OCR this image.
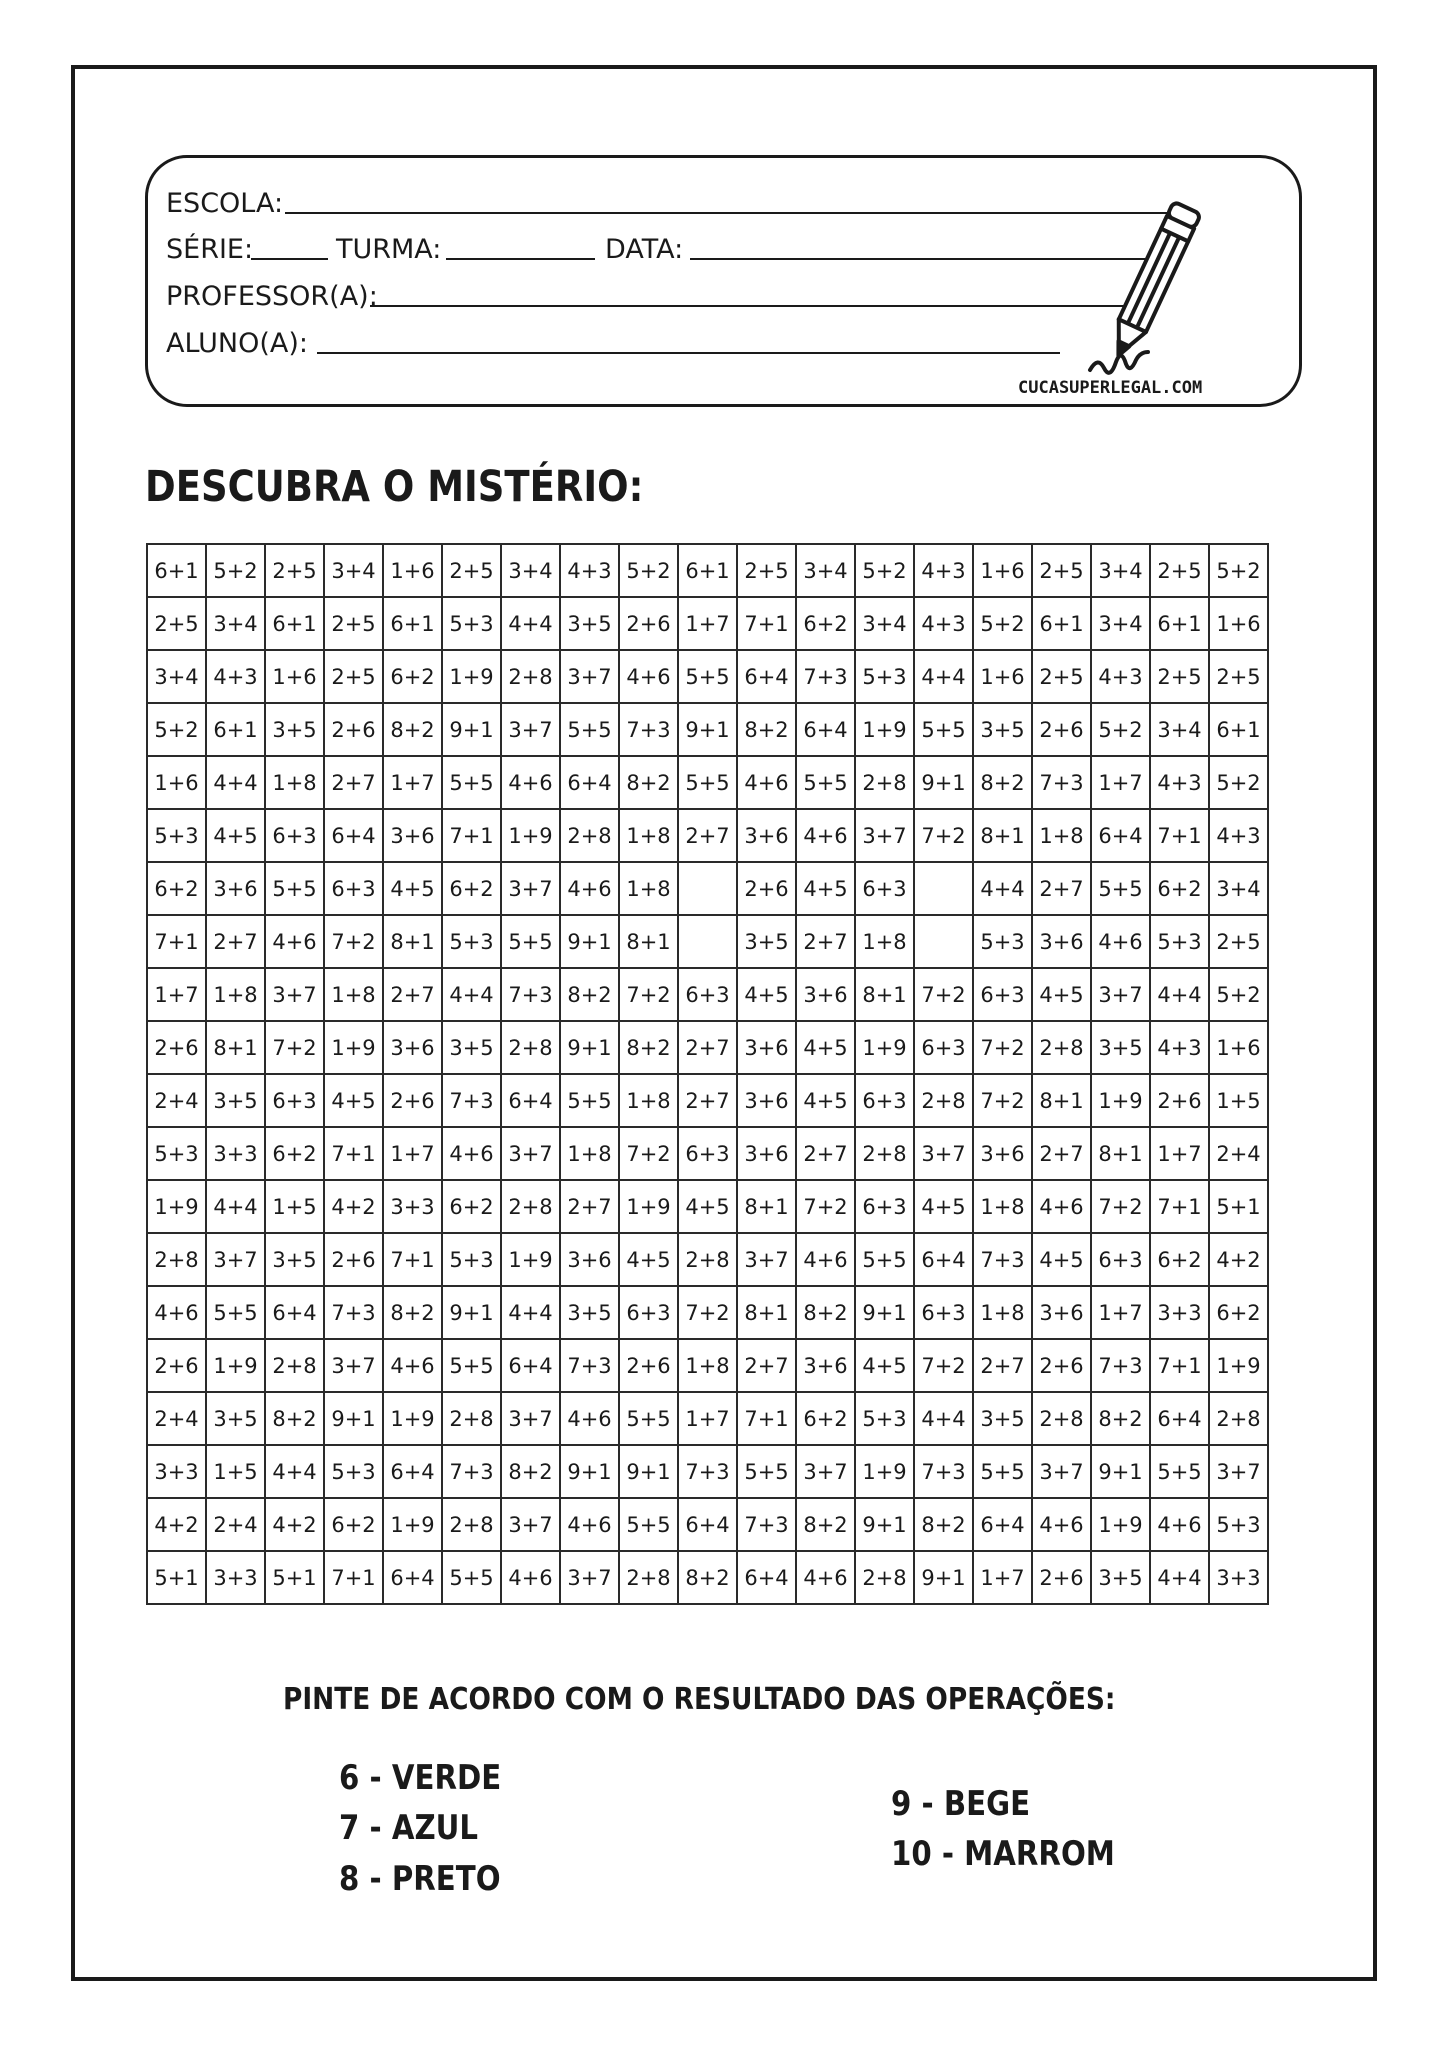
ESCOLA:
SÉRIE:	TURMA:	DATA:
PROFESSOR(A):
ALUNO(A):
CUCASUPERLEGAL.COM
DESCUBRA O MISTÉRIO:
6+1	5+2	2+5	3+4	1+6	2+5	3+4	4+3	5+2	6+1	2+5	3+4	5+2	4+3	1+6	2+5	3+4	2+5	5+2
2+5	3+4	6+1	2+5	6+1	5+3	4+4	3+5	2+6	1+7	7+1	6+2	3+4	4+3	5+2	6+1	3+4	6+1	1+6
3+4	4+3	1+6	2+5	6+2	1+9	2+8	3+7	4+6	5+5	6+4	7+3	5+3	4+4	1+6	2+5	4+3	2+5	2+5
5+2	6+1	3+5	2+6	8+2	9+1	3+7	5+5	7+3	9+1	8+2	6+4	1+9	5+5	3+5	2+6	5+2	3+4	6+1
1+6	4+4	1+8	2+7	1+7	5+5	4+6	6+4	8+2	5+5	4+6	5+5	2+8	9+1	8+2	7+3	1+7	4+3	5+2
5+3	4+5	6+3	6+4	3+6	7+1	1+9	2+8	1+8	2+7	3+6	4+6	3+7	7+2	8+1	1+8	6+4	7+1	4+3
6+2	3+6	5+5	6+3	4+5	6+2	3+7	4+6	1+8		2+6	4+5	6+3		4+4	2+7	5+5	6+2	3+4
7+1	2+7	4+6	7+2	8+1	5+3	5+5	9+1	8+1		3+5	2+7	1+8		5+3	3+6	4+6	5+3	2+5
1+7	1+8	3+7	1+8	2+7	4+4	7+3	8+2	7+2	6+3	4+5	3+6	8+1	7+2	6+3	4+5	3+7	4+4	5+2
2+6	8+1	7+2	1+9	3+6	3+5	2+8	9+1	8+2	2+7	3+6	4+5	1+9	6+3	7+2	2+8	3+5	4+3	1+6
2+4	3+5	6+3	4+5	2+6	7+3	6+4	5+5	1+8	2+7	3+6	4+5	6+3	2+8	7+2	8+1	1+9	2+6	1+5
5+3	3+3	6+2	7+1	1+7	4+6	3+7	1+8	7+2	6+3	3+6	2+7	2+8	3+7	3+6	2+7	8+1	1+7	2+4
1+9	4+4	1+5	4+2	3+3	6+2	2+8	2+7	1+9	4+5	8+1	7+2	6+3	4+5	1+8	4+6	7+2	7+1	5+1
2+8	3+7	3+5	2+6	7+1	5+3	1+9	3+6	4+5	2+8	3+7	4+6	5+5	6+4	7+3	4+5	6+3	6+2	4+2
4+6	5+5	6+4	7+3	8+2	9+1	4+4	3+5	6+3	7+2	8+1	8+2	9+1	6+3	1+8	3+6	1+7	3+3	6+2
2+6	1+9	2+8	3+7	4+6	5+5	6+4	7+3	2+6	1+8	2+7	3+6	4+5	7+2	2+7	2+6	7+3	7+1	1+9
2+4	3+5	8+2	9+1	1+9	2+8	3+7	4+6	5+5	1+7	7+1	6+2	5+3	4+4	3+5	2+8	8+2	6+4	2+8
3+3	1+5	4+4	5+3	6+4	7+3	8+2	9+1	9+1	7+3	5+5	3+7	1+9	7+3	5+5	3+7	9+1	5+5	3+7
4+2	2+4	4+2	6+2	1+9	2+8	3+7	4+6	5+5	6+4	7+3	8+2	9+1	8+2	6+4	4+6	1+9	4+6	5+3
5+1	3+3	5+1	7+1	6+4	5+5	4+6	3+7	2+8	8+2	6+4	4+6	2+8	9+1	1+7	2+6	3+5	4+4	3+3
PINTE DE ACORDO COM O RESULTADO DAS OPERAÇÕES:
6 - VERDE
7 - AZUL
8 - PRETO
9 - BEGE
10 - MARROM
